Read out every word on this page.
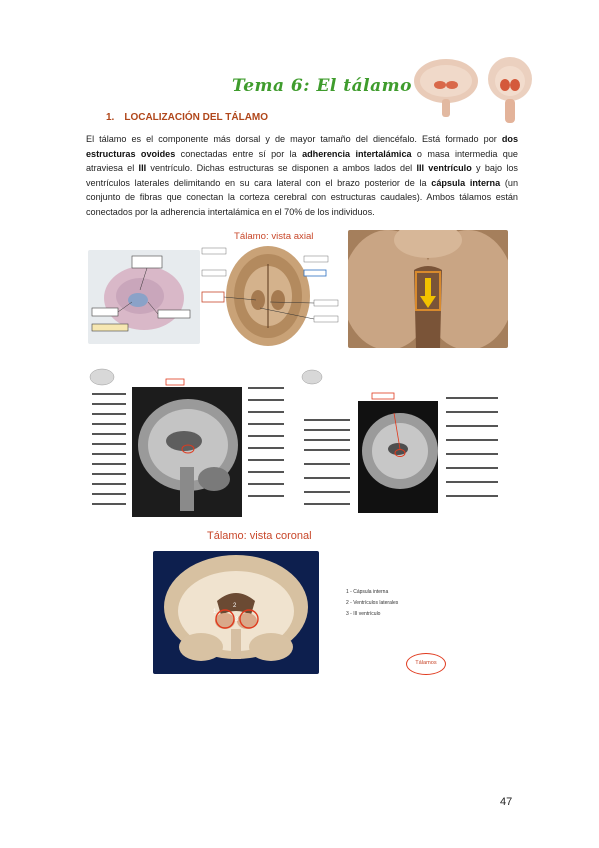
Tema 6: El tálamo
1. LOCALIZACIÓN DEL TÁLAMO
El tálamo es el componente más dorsal y de mayor tamaño del diencéfalo. Está formado por dos estructuras ovoides conectadas entre sí por la adherencia intertalámica o masa intermedia que atraviesa el III ventrículo. Dichas estructuras se disponen a ambos lados del III ventrículo y bajo los ventrículos laterales delimitando en su cara lateral con el brazo posterior de la cápsula interna (un conjunto de fibras que conectan la corteza cerebral con estructuras caudales). Ambos tálamos están conectados por la adherencia intertalámica en el 70% de los individuos.
Tálamo: vista axial
Tálamo: vista coronal
2
3
1
1 - Cápsula interna
2 - Ventrículos laterales
3 - III ventrículo
Tálamos
47
